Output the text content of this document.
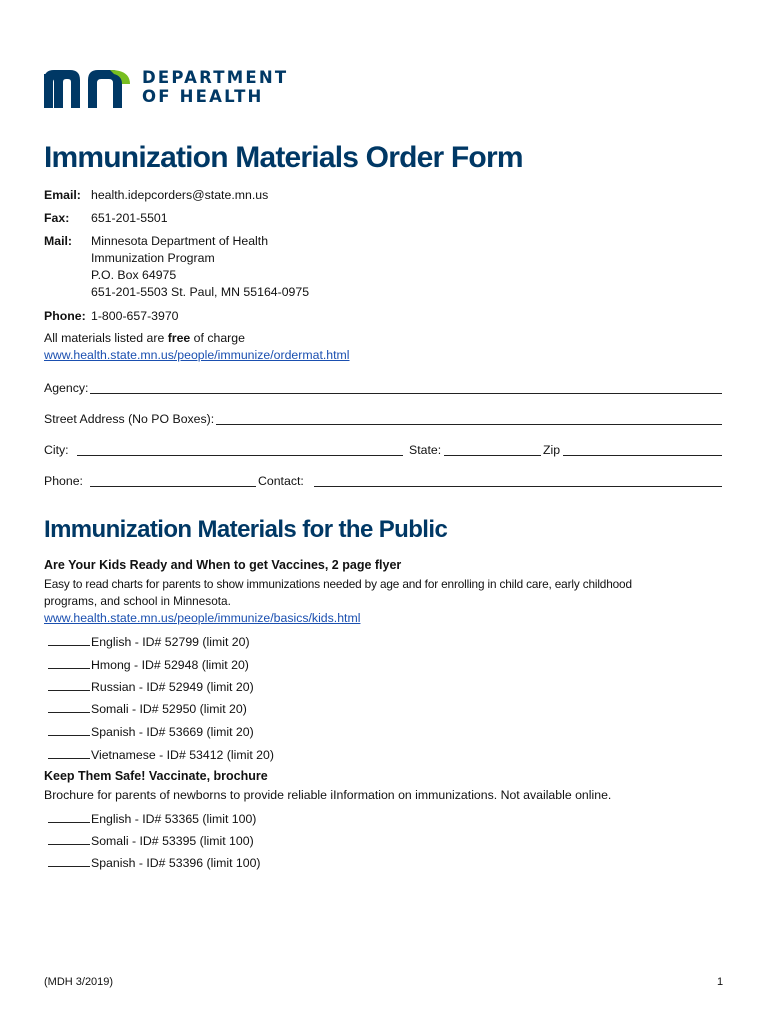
DEPARTMENT
OF HEALTH
Immunization Materials Order Form
Email: health.idepcorders@state.mn.us
Fax: 651-201-5501
Mail: Minnesota Department of Health
Immunization Program
P.O. Box 64975
651-201-5503 St. Paul, MN 55164-0975
Phone: 1-800-657-3970
All materials listed are free of charge
www.health.state.mn.us/people/immunize/ordermat.html
Agency:
Street Address (No PO Boxes):
City:	State:	Zip
Phone:	Contact:
Immunization Materials for the Public
Are Your Kids Ready and When to get Vaccines, 2 page flyer
Easy to read charts for parents to show immunizations needed by age and for enrolling in child care, early childhood
programs, and school in Minnesota.
www.health.state.mn.us/people/immunize/basics/kids.html
English - ID# 52799 (limit 20)
Hmong - ID# 52948 (limit 20)
Russian - ID# 52949 (limit 20)
Somali - ID# 52950 (limit 20)
Spanish - ID# 53669 (limit 20)
Vietnamese - ID# 53412 (limit 20)
Keep Them Safe! Vaccinate, brochure
Brochure for parents of newborns to provide reliable iInformation on immunizations. Not available online.
English - ID# 53365 (limit 100)
Somali - ID# 53395 (limit 100)
Spanish - ID# 53396 (limit 100)
(MDH 3/2019)	1
